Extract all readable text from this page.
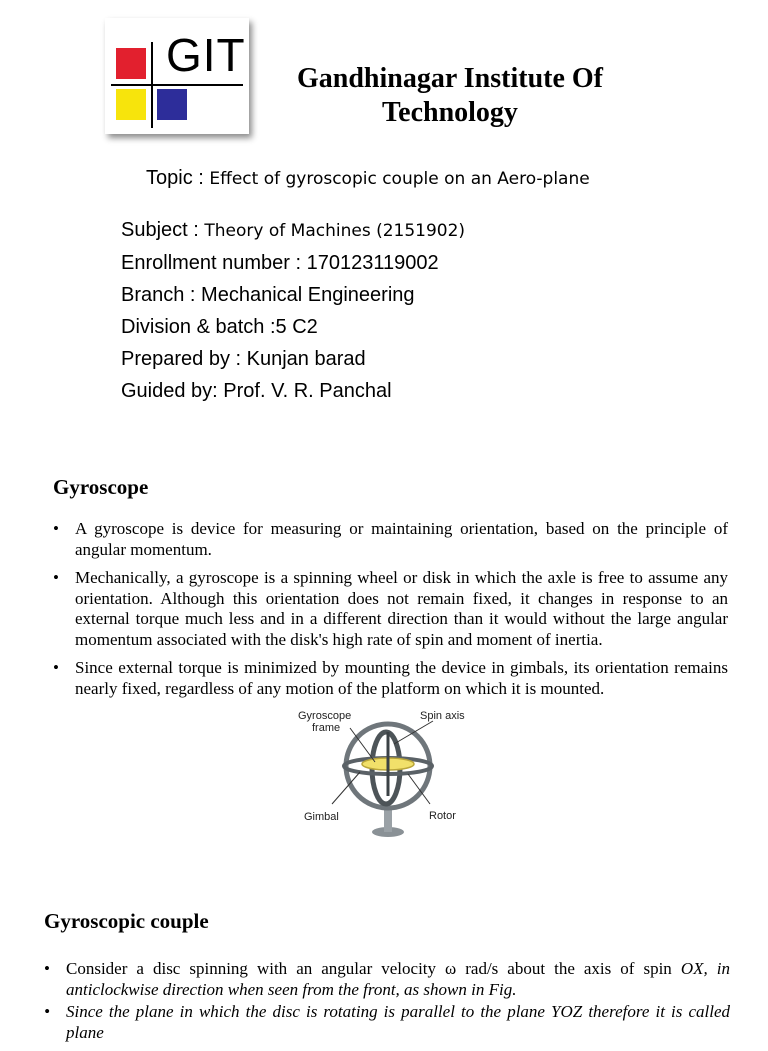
GIT	Gandhinagar Institute Of Technology
Topic : Effect of gyroscopic couple on an Aero-plane
Subject : Theory of Machines (2151902)
Enrollment number : 170123119002
Branch : Mechanical Engineering
Division & batch :5 C2
Prepared by : Kunjan barad
Guided by: Prof. V. R. Panchal
Gyroscope
• A gyroscope is device for measuring or maintaining orientation, based on the principle of angular momentum.
• Mechanically, a gyroscope is a spinning wheel or disk in which the axle is free to assume any orientation. Although this orientation does not remain fixed, it changes in response to an external torque much less and in a different direction than it would without the large angular momentum associated with the disk's high rate of spin and moment of inertia.
• Since external torque is minimized by mounting the device in gimbals, its orientation remains nearly fixed, regardless of any motion of the platform on which it is mounted.
Gyroscope
frame
Spin axis
Gimbal	Rotor
Gyroscopic couple
• Consider a disc spinning with an angular velocity ω rad/s about the axis of spin OX, in anticlockwise direction when seen from the front, as shown in Fig.
• Since the plane in which the disc is rotating is parallel to the plane YOZ therefore it is called plane
